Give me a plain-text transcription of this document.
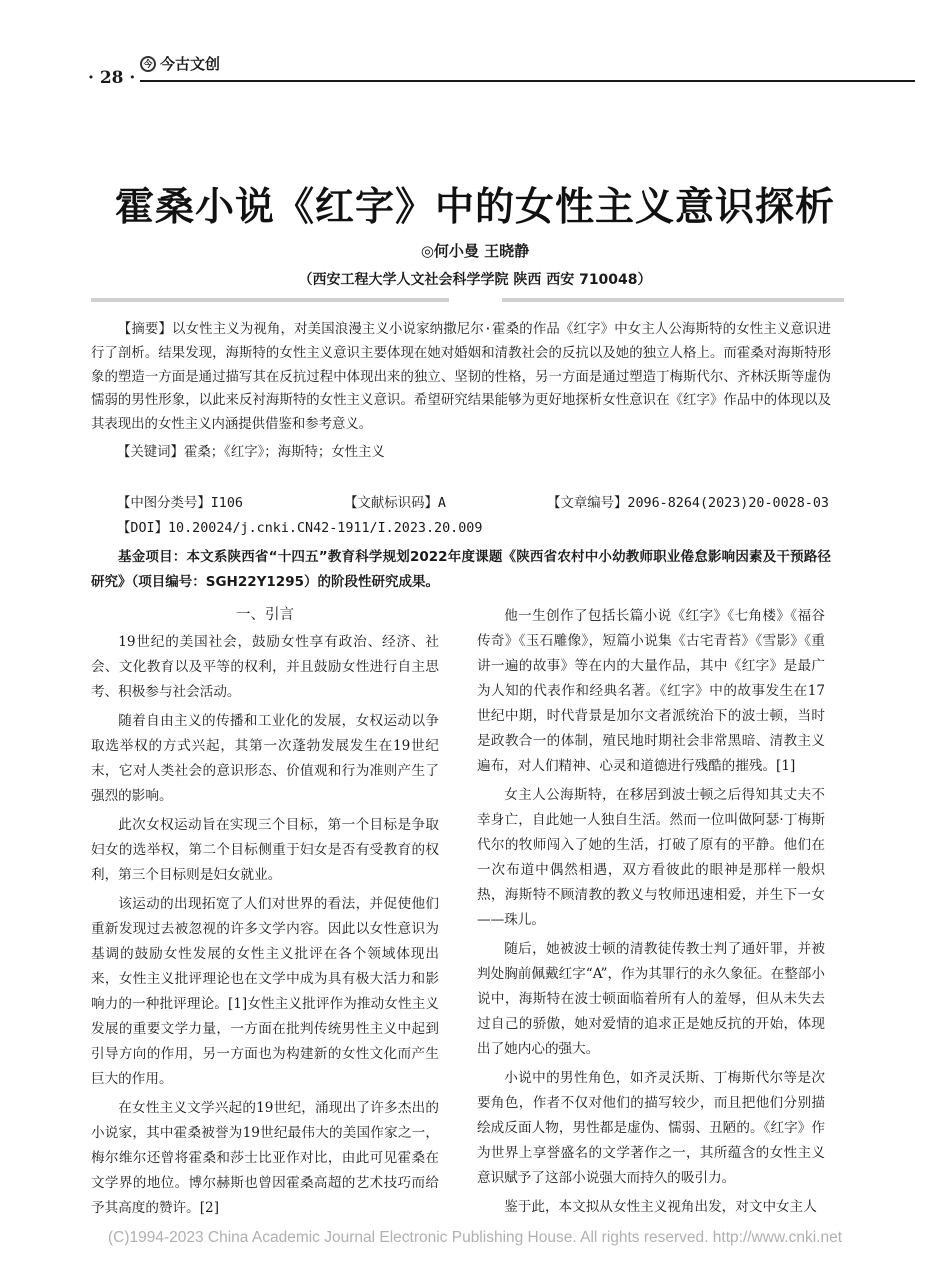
· 28 ·
今 今古文创
霍桑小说《红字》中的女性主义意识探析
◎何小曼 王晓静
（西安工程大学人文社会科学学院 陕西 西安 710048）

【摘要】以女性主义为视角，对美国浪漫主义小说家纳撒尼尔·霍桑的作品《红字》中女主人公海斯特的女性主义意识进行了剖析。结果发现，海斯特的女性主义意识主要体现在她对婚姻和清教社会的反抗以及她的独立人格上。而霍桑对海斯特形象的塑造一方面是通过描写其在反抗过程中体现出来的独立、坚韧的性格，另一方面是通过塑造丁梅斯代尔、齐林沃斯等虚伪懦弱的男性形象，以此来反衬海斯特的女性主义意识。希望研究结果能够为更好地探析女性意识在《红字》作品中的体现以及其表现出的女性主义内涵提供借鉴和参考意义。

【关键词】霍桑；《红字》；海斯特；女性主义
【中图分类号】I106	【文献标识码】A	【文章编号】2096-8264(2023)20-0028-03
【DOI】10.20024/j.cnki.CN42-1911/I.2023.20.009
基金项目：本文系陕西省“十四五”教育科学规划2022年度课题《陕西省农村中小幼教师职业倦怠影响因素及干预路径研究》（项目编号：SGH22Y1295）的阶段性研究成果。

一、引言

19世纪的美国社会，鼓励女性享有政治、经济、社会、文化教育以及平等的权利，并且鼓励女性进行自主思考、积极参与社会活动。

随着自由主义的传播和工业化的发展，女权运动以争取选举权的方式兴起，其第一次蓬勃发展发生在19世纪末，它对人类社会的意识形态、价值观和行为准则产生了强烈的影响。

此次女权运动旨在实现三个目标，第一个目标是争取妇女的选举权，第二个目标侧重于妇女是否有受教育的权利，第三个目标则是妇女就业。

该运动的出现拓宽了人们对世界的看法，并促使他们重新发现过去被忽视的许多文学内容。因此以女性意识为基调的鼓励女性发展的女性主义批评在各个领域体现出来，女性主义批评理论也在文学中成为具有极大活力和影响力的一种批评理论。[1]女性主义批评作为推动女性主义发展的重要文学力量，一方面在批判传统男性主义中起到引导方向的作用，另一方面也为构建新的女性文化而产生巨大的作用。

在女性主义文学兴起的19世纪，涌现出了许多杰出的小说家，其中霍桑被誉为19世纪最伟大的美国作家之一，梅尔维尔还曾将霍桑和莎士比亚作对比，由此可见霍桑在文学界的地位。博尔赫斯也曾因霍桑高超的艺术技巧而给予其高度的赞许。[2]

他一生创作了包括长篇小说《红字》《七角楼》《福谷传奇》《玉石雕像》，短篇小说集《古宅青苔》《雪影》《重讲一遍的故事》等在内的大量作品，其中《红字》是最广为人知的代表作和经典名著。《红字》中的故事发生在17世纪中期，时代背景是加尔文者派统治下的波士顿，当时是政教合一的体制，殖民地时期社会非常黑暗、清教主义遍布，对人们精神、心灵和道德进行残酷的摧残。[1]

女主人公海斯特，在移居到波士顿之后得知其丈夫不幸身亡，自此她一人独自生活。然而一位叫做阿瑟·丁梅斯代尔的牧师闯入了她的生活，打破了原有的平静。他们在一次布道中偶然相遇，双方看彼此的眼神是那样一般炽热，海斯特不顾清教的教义与牧师迅速相爱，并生下一女——珠儿。

随后，她被波士顿的清教徒传教士判了通奸罪，并被判处胸前佩戴红字“A”，作为其罪行的永久象征。在整部小说中，海斯特在波士顿面临着所有人的羞辱，但从未失去过自己的骄傲，她对爱情的追求正是她反抗的开始，体现出了她内心的强大。

小说中的男性角色，如齐灵沃斯、丁梅斯代尔等是次要角色，作者不仅对他们的描写较少，而且把他们分别描绘成反面人物，男性都是虚伪、懦弱、丑陋的。《红字》作为世界上享誉盛名的文学著作之一，其所蕴含的女性主义意识赋予了这部小说强大而持久的吸引力。

鉴于此，本文拟从女性主义视角出发，对文中女主人

(C)1994-2023 China Academic Journal Electronic Publishing House. All rights reserved. http://www.cnki.net
